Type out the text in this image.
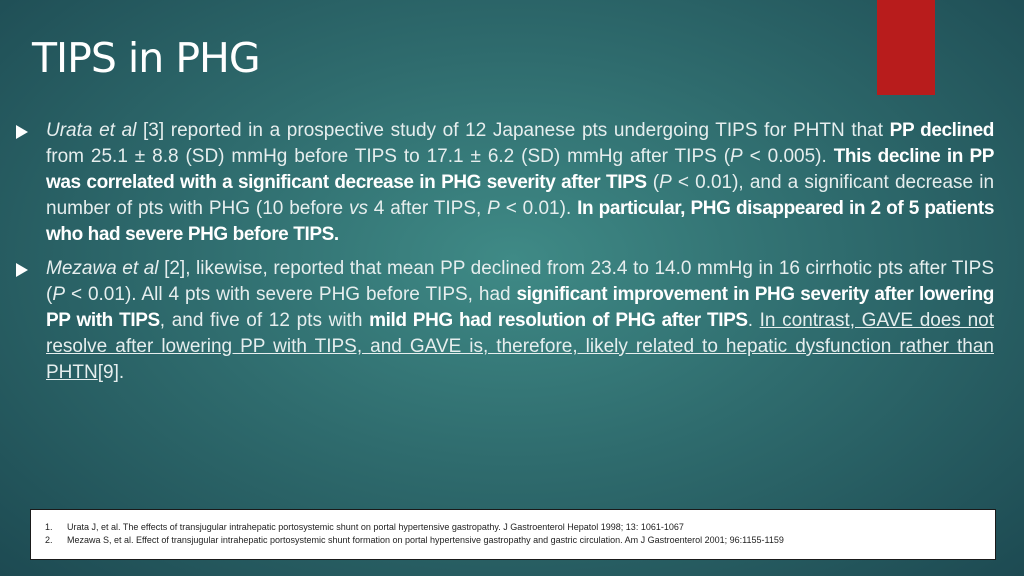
TIPS in PHG
Urata et al [3] reported in a prospective study of 12 Japanese pts undergoing TIPS for PHTN that PP declined from 25.1 ± 8.8 (SD) mmHg before TIPS to 17.1 ± 6.2 (SD) mmHg after TIPS (P < 0.005). This decline in PP was correlated with a significant decrease in PHG severity after TIPS (P < 0.01), and a significant decrease in number of pts with PHG (10 before vs 4 after TIPS, P < 0.01). In particular, PHG disappeared in 2 of 5 patients who had severe PHG before TIPS.
Mezawa et al [2], likewise, reported that mean PP declined from 23.4 to 14.0 mmHg in 16 cirrhotic pts after TIPS (P < 0.01). All 4 pts with severe PHG before TIPS, had significant improvement in PHG severity after lowering PP with TIPS, and five of 12 pts with mild PHG had resolution of PHG after TIPS. In contrast, GAVE does not resolve after lowering PP with TIPS, and GAVE is, therefore, likely related to hepatic dysfunction rather than PHTN[9].
1.	Urata J, et al. The effects of transjugular intrahepatic portosystemic shunt on portal hypertensive gastropathy. J Gastroenterol Hepatol 1998; 13: 1061-1067
2.	Mezawa S, et al. Effect of transjugular intrahepatic portosystemic shunt formation on portal hypertensive gastropathy and gastric circulation. Am J Gastroenterol 2001; 96:1155-1159
